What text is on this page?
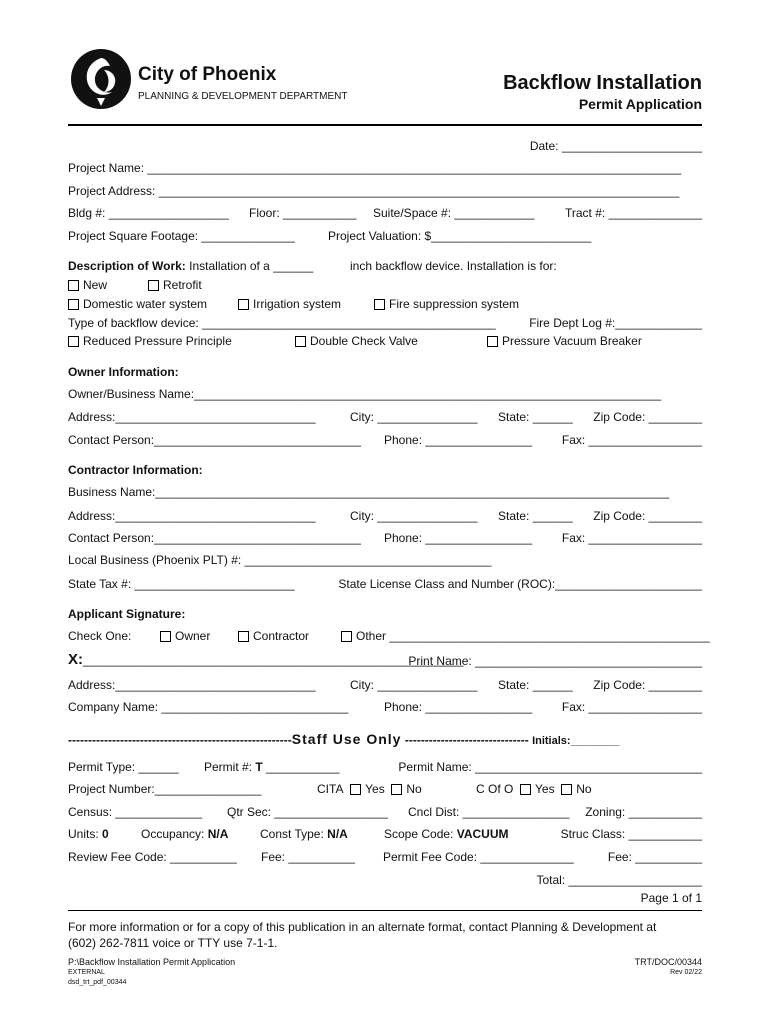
City of Phoenix
PLANNING & DEVELOPMENT DEPARTMENT
Backflow Installation
Permit Application
Date: _____________________
Project Name: ________________________________________________________________________________
Project Address: ______________________________________________________________________________
Bldg #: __________________ Floor: ___________ Suite/Space #: ____________	Tract #: ______________
Project Square Footage: ______________	Project Valuation: $________________________
Description of Work: Installation of a ______	inch backflow device. Installation is for:
New	Retrofit
Domestic water system	Irrigation system	Fire suppression system
Type of backflow device: ____________________________________________	Fire Dept Log #:_____________
Reduced Pressure Principle	Double Check Valve	Pressure Vacuum Breaker
Owner Information:
Owner/Business Name:______________________________________________________________________
Address:______________________________	City: _______________ State: ______ Zip Code: ________
Contact Person:_______________________________ Phone: ________________ Fax: _________________
Contractor Information:
Business Name:_____________________________________________________________________________
Address:______________________________	City: _______________ State: ______ Zip Code: ________
Contact Person:_______________________________ Phone: ________________ Fax: _________________
Local Business (Phoenix PLT) #: _____________________________________
State Tax #: ________________________	State License Class and Number (ROC):______________________
Applicant Signature:
Check One:	Owner	Contractor	Other ________________________________________________
X:_________________________________________________________
Print Name: __________________________________
Address:______________________________	City: _______________ State: ______ Zip Code: ________
Company Name: ____________________________	Phone: ________________ Fax: _________________
--------------------------------------------------------Staff Use Only ------------------------------- Initials:________
Permit Type: ______ Permit #: T ___________	Permit Name: __________________________________
Project Number:________________	CITA Yes No	C Of O Yes No
Census: _____________ Qtr Sec: _________________ Cncl Dist: ________________ Zoning: ___________
Units: 0	Occupancy: N/A	Const Type: N/A	Scope Code: VACUUM	Struc Class: ___________
Review Fee Code: __________ Fee: __________ Permit Fee Code: ______________	Fee: __________
Total: ____________________
Page 1 of 1
For more information or for a copy of this publication in an alternate format, contact Planning & Development at
(602) 262-7811 voice or TTY use 7-1-1.
P:\Backflow Installation Permit Application
EXTERNAL
dsd_trt_pdf_00344
TRT/DOC/00344
Rev 02/22
